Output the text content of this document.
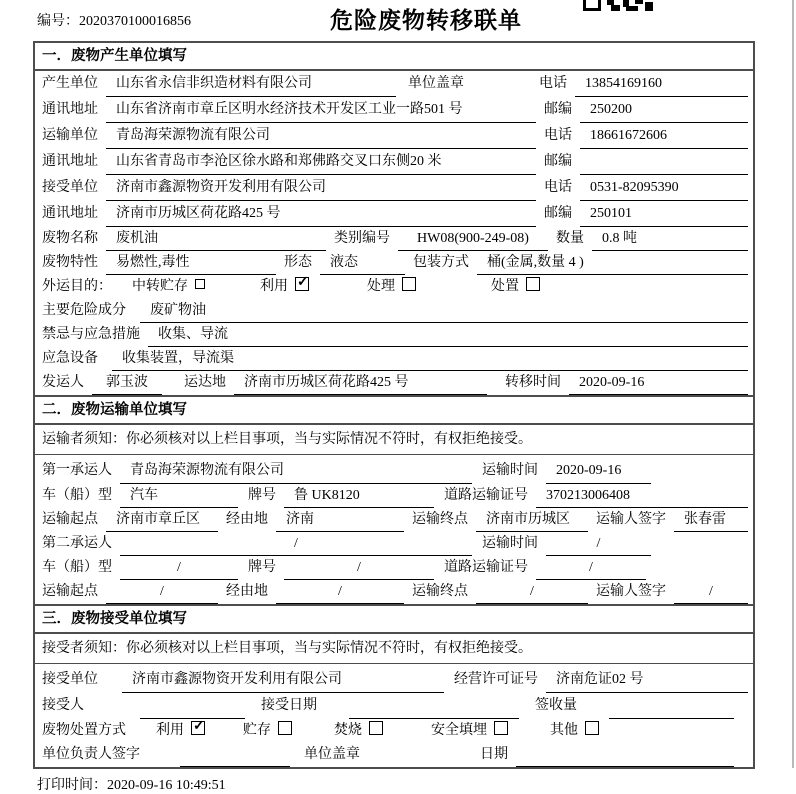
编号：2020370100016856	危险废物转移联单
一．废物产生单位填写
产生单位	山东省永信非织造材料有限公司	单位盖章	电话	13854169160
通讯地址	山东省济南市章丘区明水经济技术开发区工业一路501 号	邮编	250200
运输单位	青岛海荣源物流有限公司	电话	18661672606
通讯地址	山东省青岛市李沧区徐水路和郑佛路交叉口东侧20 米	邮编
接受单位	济南市鑫源物资开发利用有限公司	电话	0531-82095390
通讯地址	济南市历城区荷花路425 号	邮编	250101
废物名称	废机油	类别编号	HW08(900-249-08)	数量	0.8 吨
废物特性	易燃性,毒性	形态	液态	包装方式	桶(金属,数量 4 )
外运目的： 中转贮存	利用 ✓	处理	处置
主要危险成分	废矿物油
禁忌与应急措施	收集、导流
应急设备	收集装置，导流渠
发运人	郭玉波	运达地	济南市历城区荷花路425 号	转移时间	2020-09-16
二．废物运输单位填写
运输者须知：你必须核对以上栏目事项，当与实际情况不符时，有权拒绝接受。
第一承运人	青岛海荣源物流有限公司	运输时间	2020-09-16
车（船）型	汽车	牌号	鲁 UK8120	道路运输证号	370213006408
运输起点	济南市章丘区	经由地	济南	运输终点	济南市历城区	运输人签字	张春雷
第二承运人	/	运输时间	/
车（船）型	/	牌号	/	道路运输证号	/
运输起点	/	经由地	/	运输终点	/	运输人签字	/
三．废物接受单位填写
接受者须知：你必须核对以上栏目事项，当与实际情况不符时，有权拒绝接受。
接受单位	济南市鑫源物资开发利用有限公司	经营许可证号	济南危证02 号
接受人	接受日期	签收量
废物处置方式 利用 ✓	贮存	焚烧	安全填埋	其他
单位负责人签字	单位盖章	日期
打印时间：2020-09-16 10:49:51
